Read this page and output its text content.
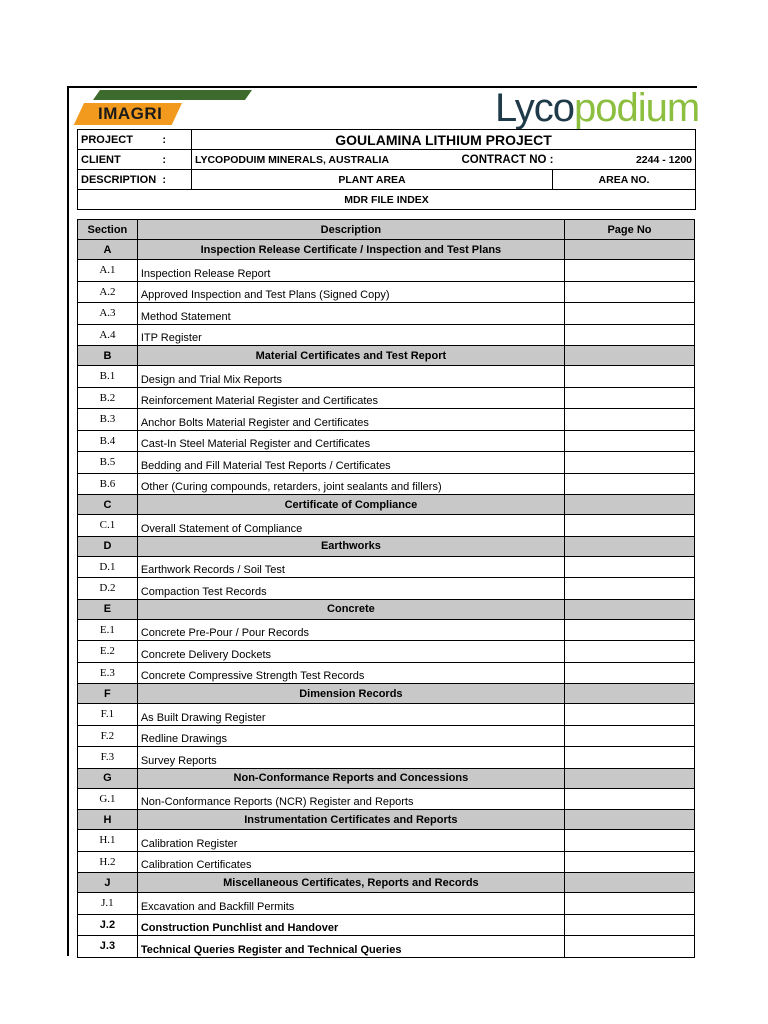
IMAGRI	Lycopodium
PROJECT	:	GOULAMINA LITHIUM PROJECT	
CLIENT	:	LYCOPODUIM MINERALS, AUSTRALIA CONTRACT NO :	2244 - 1200
DESCRIPTION	:	PLANT AREA	AREA NO.
MDR FILE INDEX			
Section	Description	Page No
A	Inspection Release Certificate / Inspection and Test Plans	
A.1	Inspection Release Report	
A.2	Approved Inspection and Test Plans (Signed Copy)	
A.3	Method Statement	
A.4	ITP Register	
B	Material Certificates and Test Report	
B.1	Design and Trial Mix Reports	
B.2	Reinforcement Material Register and Certificates	
B.3	Anchor Bolts Material Register and Certificates	
B.4	Cast-In Steel Material Register and Certificates	
B.5	Bedding and Fill Material Test Reports / Certificates	
B.6	Other (Curing compounds, retarders, joint sealants and fillers)	
C	Certificate of Compliance	
C.1	Overall Statement of Compliance	
D	Earthworks	
D.1	Earthwork Records / Soil Test	
D.2	Compaction Test Records	
E	Concrete	
E.1	Concrete Pre-Pour / Pour Records	
E.2	Concrete Delivery Dockets	
E.3	Concrete Compressive Strength Test Records	
F	Dimension Records	
F.1	As Built Drawing Register	
F.2	Redline Drawings	
F.3	Survey Reports	
G	Non-Conformance Reports and Concessions	
G.1	Non-Conformance Reports (NCR) Register and Reports	
H	Instrumentation Certificates and Reports	
H.1	Calibration Register	
H.2	Calibration Certificates	
J	Miscellaneous Certificates, Reports and Records	
J.1	Excavation and Backfill Permits	
J.2	Construction Punchlist and Handover	
J.3	Technical Queries Register and Technical Queries	
